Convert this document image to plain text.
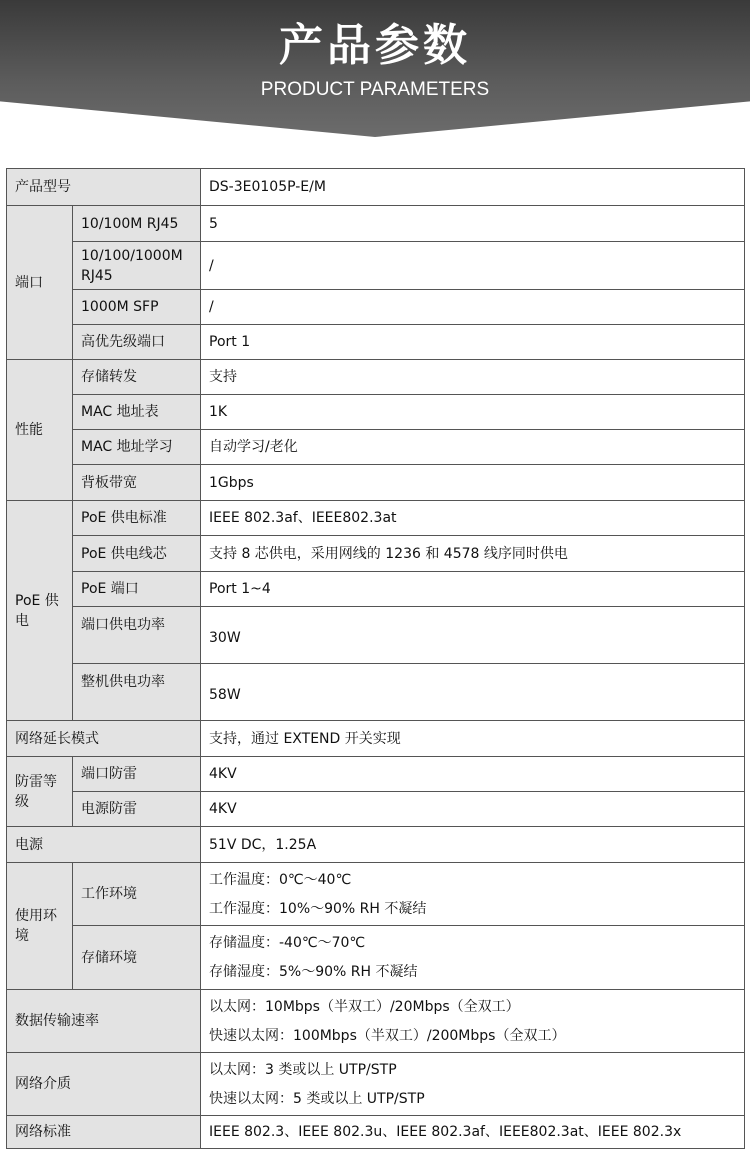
产品参数
PRODUCT PARAMETERS
产品型号		DS-3E0105P-E/M
端口	10/100M RJ45	5
	10/100/1000M RJ45	/
	1000M SFP	/
	高优先级端口	Port 1
性能	存储转发	支持
	MAC 地址表	1K
	MAC 地址学习	自动学习/老化
	背板带宽	1Gbps
PoE 供电	PoE 供电标准	IEEE 802.3af、IEEE802.3at
	PoE 供电线芯	支持 8 芯供电，采用网线的 1236 和 4578 线序同时供电
	PoE 端口	Port 1~4
	端口供电功率	30W
	整机供电功率	58W
网络延长模式		支持，通过 EXTEND 开关实现
防雷等级	端口防雷	4KV
	电源防雷	4KV
电源		51V DC，1.25A
使用环境	工作环境	工作温度：0℃～40℃
工作湿度：10%～90% RH 不凝结

	存储环境	存储温度：-40℃～70℃
存储湿度：5%～90% RH 不凝结

数据传输速率		以太网：10Mbps（半双工）/20Mbps（全双工）
快速以太网：100Mbps（半双工）/200Mbps（全双工）

网络介质		以太网：3 类或以上 UTP/STP
快速以太网：5 类或以上 UTP/STP

网络标准		IEEE 802.3、IEEE 802.3u、IEEE 802.3af、IEEE802.3at、IEEE 802.3x
